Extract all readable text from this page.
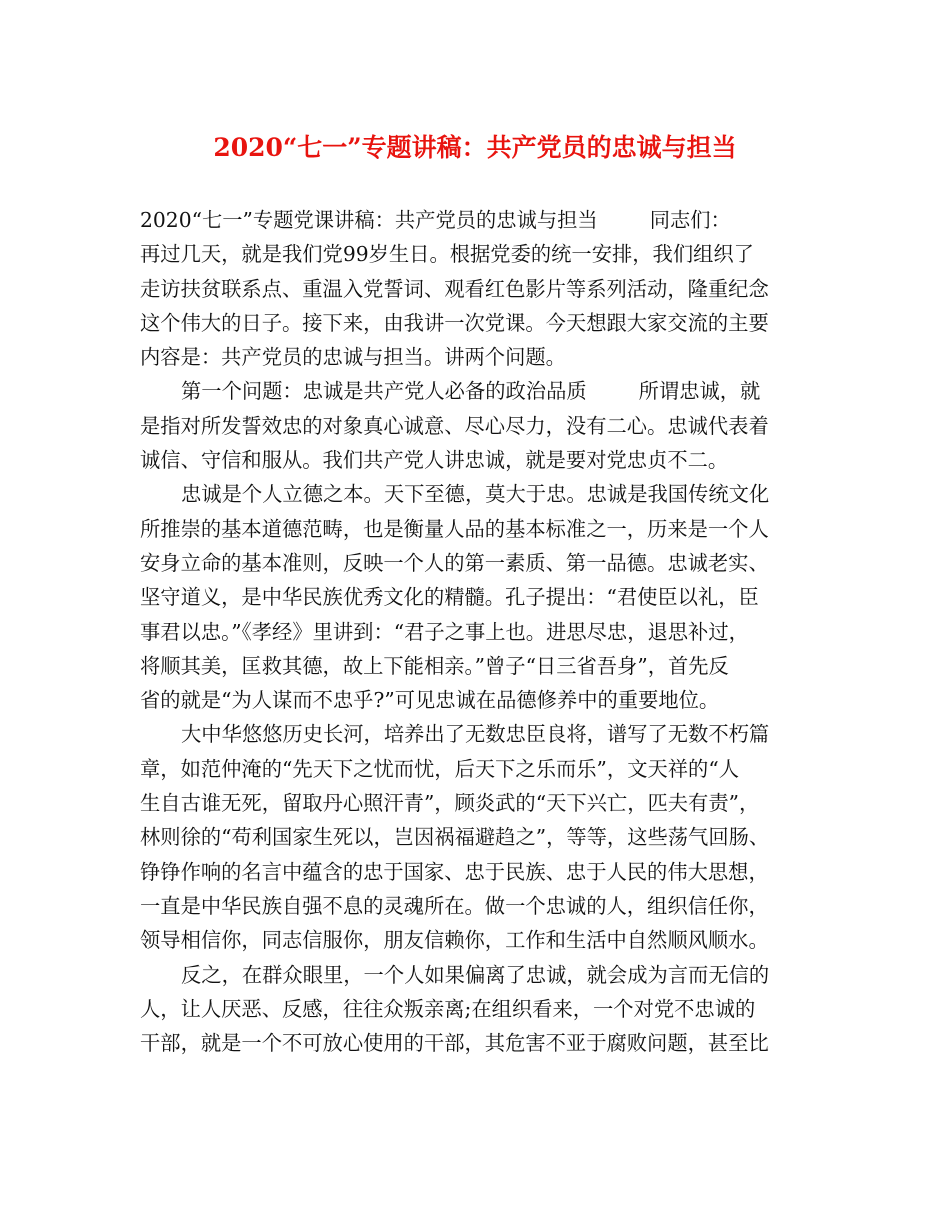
2020“七一”专题讲稿：共产党员的忠诚与担当
2020“七一”专题党课讲稿：共产党员的忠诚与担当	同志们：
再过几天，就是我们党99岁生日。根据党委的统一安排，我们组织了
走访扶贫联系点、重温入党誓词、观看红色影片等系列活动，隆重纪念
这个伟大的日子。接下来，由我讲一次党课。今天想跟大家交流的主要
内容是：共产党员的忠诚与担当。讲两个问题。
第一个问题：忠诚是共产党人必备的政治品质	所谓忠诚，就
是指对所发誓效忠的对象真心诚意、尽心尽力，没有二心。忠诚代表着
诚信、守信和服从。我们共产党人讲忠诚，就是要对党忠贞不二。
忠诚是个人立德之本。天下至德，莫大于忠。忠诚是我国传统文化
所推崇的基本道德范畴，也是衡量人品的基本标准之一，历来是一个人
安身立命的基本准则，反映一个人的第一素质、第一品德。忠诚老实、
坚守道义，是中华民族优秀文化的精髓。孔子提出：“君使臣以礼，臣
事君以忠。”《孝经》里讲到：“君子之事上也。进思尽忠，退思补过，
将顺其美，匡救其德，故上下能相亲。”曾子“日三省吾身”，首先反
省的就是“为人谋而不忠乎?”可见忠诚在品德修养中的重要地位。
大中华悠悠历史长河，培养出了无数忠臣良将，谱写了无数不朽篇
章，如范仲淹的“先天下之忧而忧，后天下之乐而乐”，文天祥的“人
生自古谁无死，留取丹心照汗青”，顾炎武的“天下兴亡，匹夫有责”，
林则徐的“苟利国家生死以，岂因祸福避趋之”，等等，这些荡气回肠、
铮铮作响的名言中蕴含的忠于国家、忠于民族、忠于人民的伟大思想，
一直是中华民族自强不息的灵魂所在。做一个忠诚的人，组织信任你，
领导相信你，同志信服你，朋友信赖你，工作和生活中自然顺风顺水。
反之，在群众眼里，一个人如果偏离了忠诚，就会成为言而无信的
人，让人厌恶、反感，往往众叛亲离;在组织看来，一个对党不忠诚的
干部，就是一个不可放心使用的干部，其危害不亚于腐败问题，甚至比
